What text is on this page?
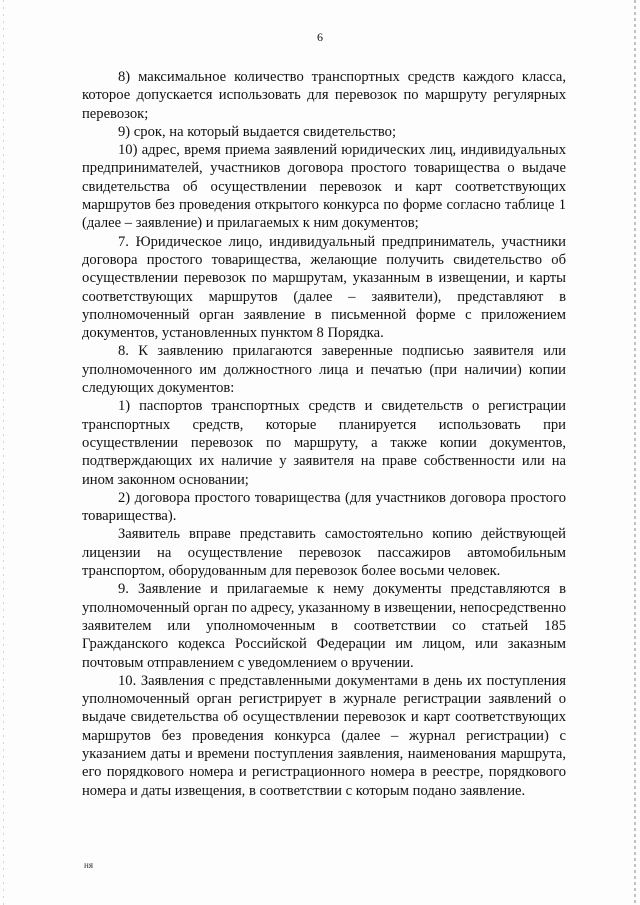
6

8) максимальное количество транспортных средств каждого класса, которое допускается использовать для перевозок по маршруту регулярных перевозок;

9) срок, на который выдается свидетельство;

10) адрес, время приема заявлений юридических лиц, индивидуальных предпринимателей, участников договора простого товарищества о выдаче свидетельства об осуществлении перевозок и карт соответствующих маршрутов без проведения открытого конкурса по форме согласно таблице 1 (далее – заявление) и прилагаемых к ним документов;

7. Юридическое лицо, индивидуальный предприниматель, участники договора простого товарищества, желающие получить свидетельство об осуществлении перевозок по маршрутам, указанным в извещении, и карты соответствующих маршрутов (далее – заявители), представляют в уполномоченный орган заявление в письменной форме с приложением документов, установленных пунктом 8 Порядка.

8. К заявлению прилагаются заверенные подписью заявителя или уполномоченного им должностного лица и печатью (при наличии) копии следующих документов:

1) паспортов транспортных средств и свидетельств о регистрации транспортных средств, которые планируется использовать при осуществлении перевозок по маршруту, а также копии документов, подтверждающих их наличие у заявителя на праве собственности или на ином законном основании;

2) договора простого товарищества (для участников договора простого товарищества).

Заявитель вправе представить самостоятельно копию действующей лицензии на осуществление перевозок пассажиров автомобильным транспортом, оборудованным для перевозок более восьми человек.

9. Заявление и прилагаемые к нему документы представляются в уполномоченный орган по адресу, указанному в извещении, непосредственно заявителем или уполномоченным в соответствии со статьей 185 Гражданского кодекса Российской Федерации им лицом, или заказным почтовым отправлением с уведомлением о вручении.

10. Заявления с представленными документами в день их поступления уполномоченный орган регистрирует в журнале регистрации заявлений о выдаче свидетельства об осуществлении перевозок и карт соответствующих маршрутов без проведения конкурса (далее – журнал регистрации) с указанием даты и времени поступления заявления, наименования маршрута, его порядкового номера и регистрационного номера в реестре, порядкового номера и даты извещения, в соответствии с которым подано заявление.

ня
